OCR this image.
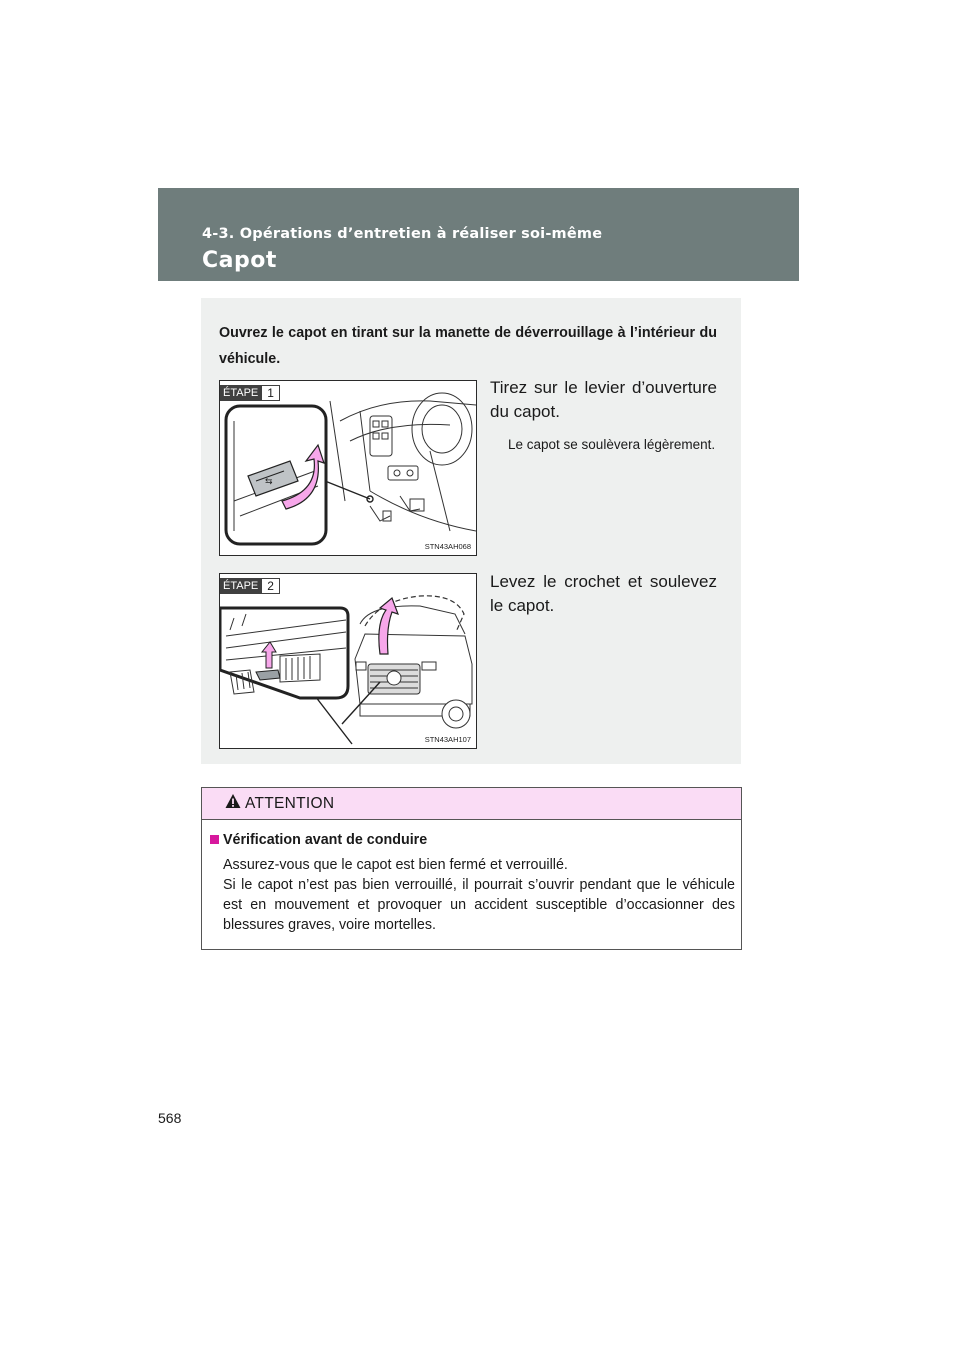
4-3. Opérations d’entretien à réaliser soi-même
Capot
Ouvrez le capot en tirant sur la manette de déverrouillage à l’intérieur du véhicule.
⇆
ÉTAPE 1
STN43AH068
Tirez sur le levier d’ouverture du capot.
Le capot se soulèvera légèrement.
ÉTAPE 2
STN43AH107
Levez le crochet et soulevez le capot.
ATTENTION
Vérification avant de conduire

Assurez-vous que le capot est bien fermé et verrouillé.

Si le capot n’est pas bien verrouillé, il pourrait s’ouvrir pendant que le véhicule est en mouvement et provoquer un accident susceptible d’occasionner des blessures graves, voire mortelles.

568
